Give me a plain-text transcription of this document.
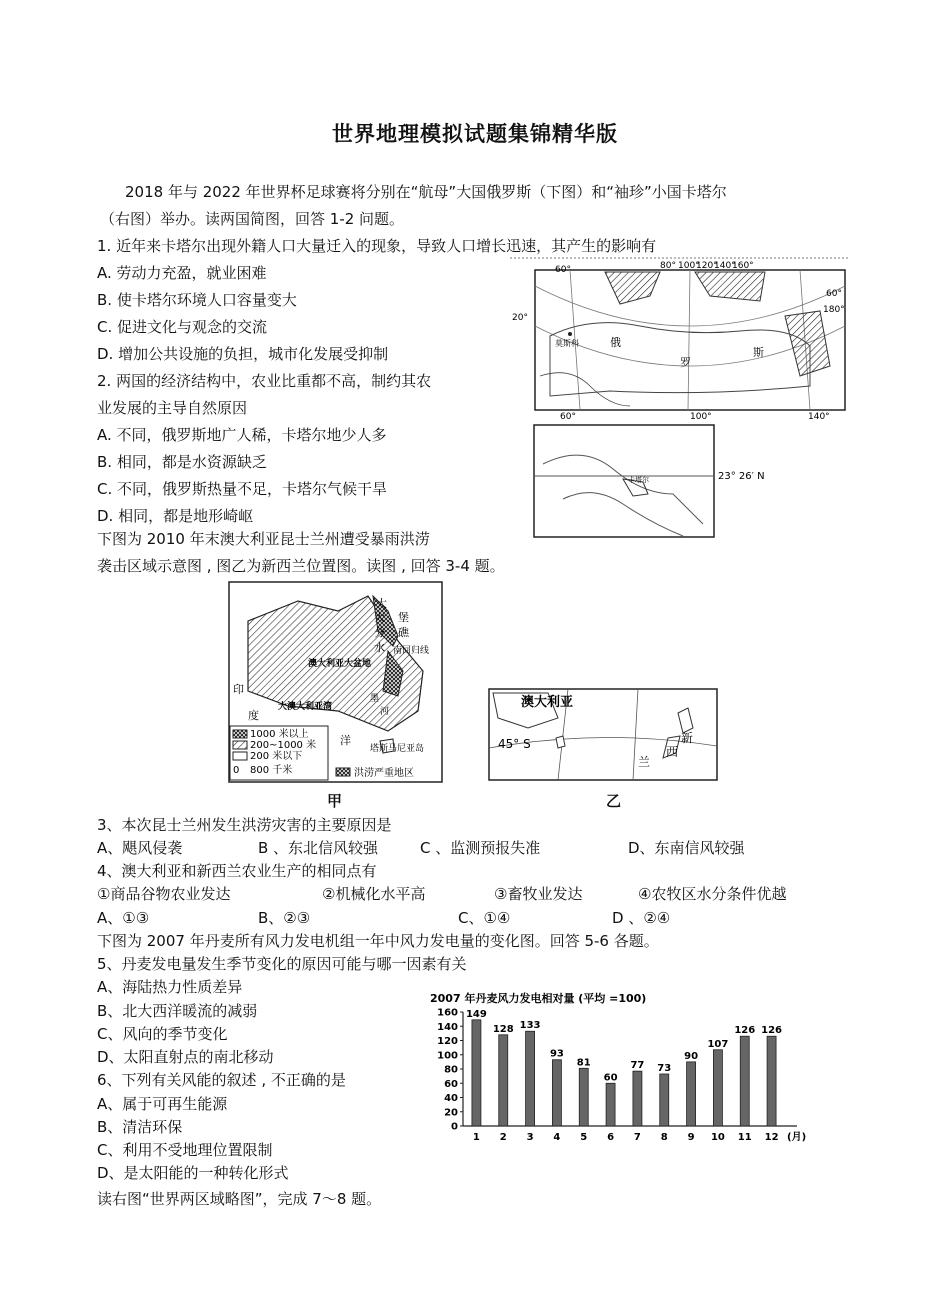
世界地理模拟试题集锦精华版
2018 年与 2022 年世界杯足球赛将分别在“航母”大国俄罗斯（下图）和“袖珍”小国卡塔尔
（右图）举办。读两国简图，回答 1-2 问题。
1. 近年来卡塔尔出现外籍人口大量迁入的现象，导致人口增长迅速，其产生的影响有
A. 劳动力充盈，就业困难
B. 使卡塔尔环境人口容量变大
C. 促进文化与观念的交流
D. 增加公共设施的负担，城市化发展受抑制
2. 两国的经济结构中，农业比重都不高，制约其农
业发展的主导自然原因
A. 不同，俄罗斯地广人稀，卡塔尔地少人多
B. 相同，都是水资源缺乏
C. 不同，俄罗斯热量不足，卡塔尔气候干旱
D. 相同，都是地形崎岖
下图为 2010 年末澳大利亚昆士兰州遭受暴雨洪涝
袭击区域示意图 , 图乙为新西兰位置图。读图 , 回答 3-4 题。
60°	80° 100°
120°
140°
160°
60°
180°
20°
60°	100°	140°
莫斯科	俄
罗
斯
卡塔尔	23° 26′ N
大
大
分
水
堡
礁
南回归线
澳大利亚大盆地
大澳大利亚湾
墨
河
印
度
洋
塔斯马尼亚岛
1000 米以上
200~1000 米
200 米以下
0 800 千米	洪涝严重地区
甲
澳大利亚
45° S	新
西
兰
乙
3、本次昆士兰州发生洪涝灾害的主要原因是
A、飓风侵袭	B 、东北信风较强	C 、监测预报失准	D、东南信风较强
4、澳大利亚和新西兰农业生产的相同点有
①商品谷物农业发达	②机械化水平高	③畜牧业发达	④农牧区水分条件优越
A、①③	B、②③	C、①④	D 、②④
下图为 2007 年丹麦所有风力发电机组一年中风力发电量的变化图。回答 5-6 各题。
5、丹麦发电量发生季节变化的原因可能与哪一因素有关
A、海陆热力性质差异
B、北大西洋暖流的减弱
C、风向的季节变化
D、太阳直射点的南北移动
6、下列有关风能的叙述 , 不正确的是
A、属于可再生能源
B、清洁环保
C、利用不受地理位置限制
D、是太阳能的一种转化形式
读右图“世界两区域略图”，完成 7～8 题。
2007 年丹麦风力发电相对量 (平均 =100)
0
20
40
60
80
100
120
140
160 149
1
128
2
133
3
93
4
81
5
60
6
77
7
73
8
90
9
107
10
126
11
126
12 (月)
